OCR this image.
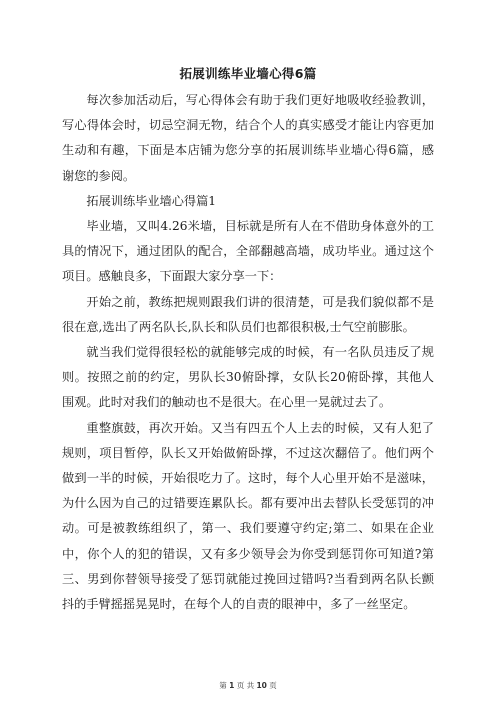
拓展训练毕业墙心得6篇

每次参加活动后，写心得体会有助于我们更好地吸收经验教训，写心得体会时，切忌空洞无物，结合个人的真实感受才能让内容更加生动和有趣，下面是本店铺为您分享的拓展训练毕业墙心得6篇，感谢您的参阅。

拓展训练毕业墙心得篇1

毕业墙，又叫4.26米墙，目标就是所有人在不借助身体意外的工具的情况下，通过团队的配合，全部翻越高墙，成功毕业。通过这个项目。感触良多，下面跟大家分享一下：

开始之前，教练把规则跟我们讲的很清楚，可是我们貌似都不是很在意,选出了两名队长,队长和队员们也都很积极,士气空前膨胀。

就当我们觉得很轻松的就能够完成的时候，有一名队员违反了规则。按照之前的约定，男队长30俯卧撑，女队长20俯卧撑，其他人围观。此时对我们的触动也不是很大。在心里一晃就过去了。

重整旗鼓，再次开始。又当有四五个人上去的时候，又有人犯了规则，项目暂停，队长又开始做俯卧撑，不过这次翻倍了。他们两个做到一半的时候，开始很吃力了。这时，每个人心里开始不是滋味，为什么因为自己的过错要连累队长。都有要冲出去替队长受惩罚的冲动。可是被教练组织了，第一、我们要遵守约定;第二、如果在企业中，你个人的犯的错误，又有多少领导会为你受到惩罚你可知道?第三、男到你替领导接受了惩罚就能过挽回过错吗?当看到两名队长颤抖的手臂摇摇晃晃时，在每个人的自责的眼神中，多了一丝坚定。

第 1 页 共 10 页
